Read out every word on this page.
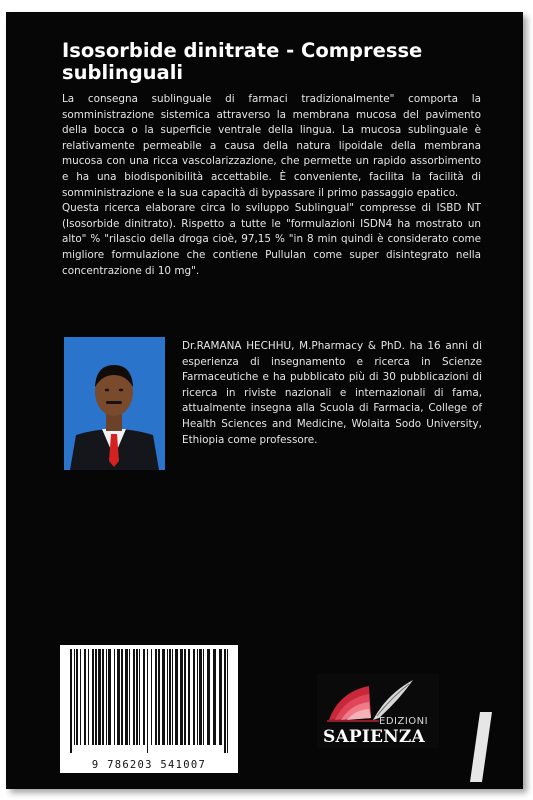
Isosorbide dinitrate - Compresse sublinguali

La consegna sublinguale di farmaci tradizionalmente" comporta la somministrazione sistemica attraverso la membrana mucosa del pavimento della bocca o la superficie ventrale della lingua. La mucosa sublinguale è relativamente permeabile a causa della natura lipoidale della membrana mucosa con una ricca vascolarizzazione, che permette un rapido assorbimento e ha una biodisponibilità accettabile. È conveniente, facilita la facilità di somministrazione e la sua capacità di bypassare il primo passaggio epatico.

Questa ricerca elaborare circa lo sviluppo Sublingual" compresse di ISBD NT (Isosorbide dinitrato). Rispetto a tutte le "formulazioni ISDN4 ha mostrato un alto" % "rilascio della droga cioè, 97,15 % "in 8 min quindi è considerato come migliore formulazione che contiene Pullulan come super disintegrato nella concentrazione di 10 mg".

Dr.RAMANA HECHHU, M.Pharmacy & PhD. ha 16 anni di esperienza di insegnamento e ricerca in Scienze Farmaceutiche e ha pubblicato più di 30 pubblicazioni di ricerca in riviste nazionali e internazionali di fama, attualmente insegna alla Scuola di Farmacia, College of Health Sciences and Medicine, Wolaita Sodo University, Ethiopia come professore.

9 786203 541007
EDIZIONI
SAPIENZA
